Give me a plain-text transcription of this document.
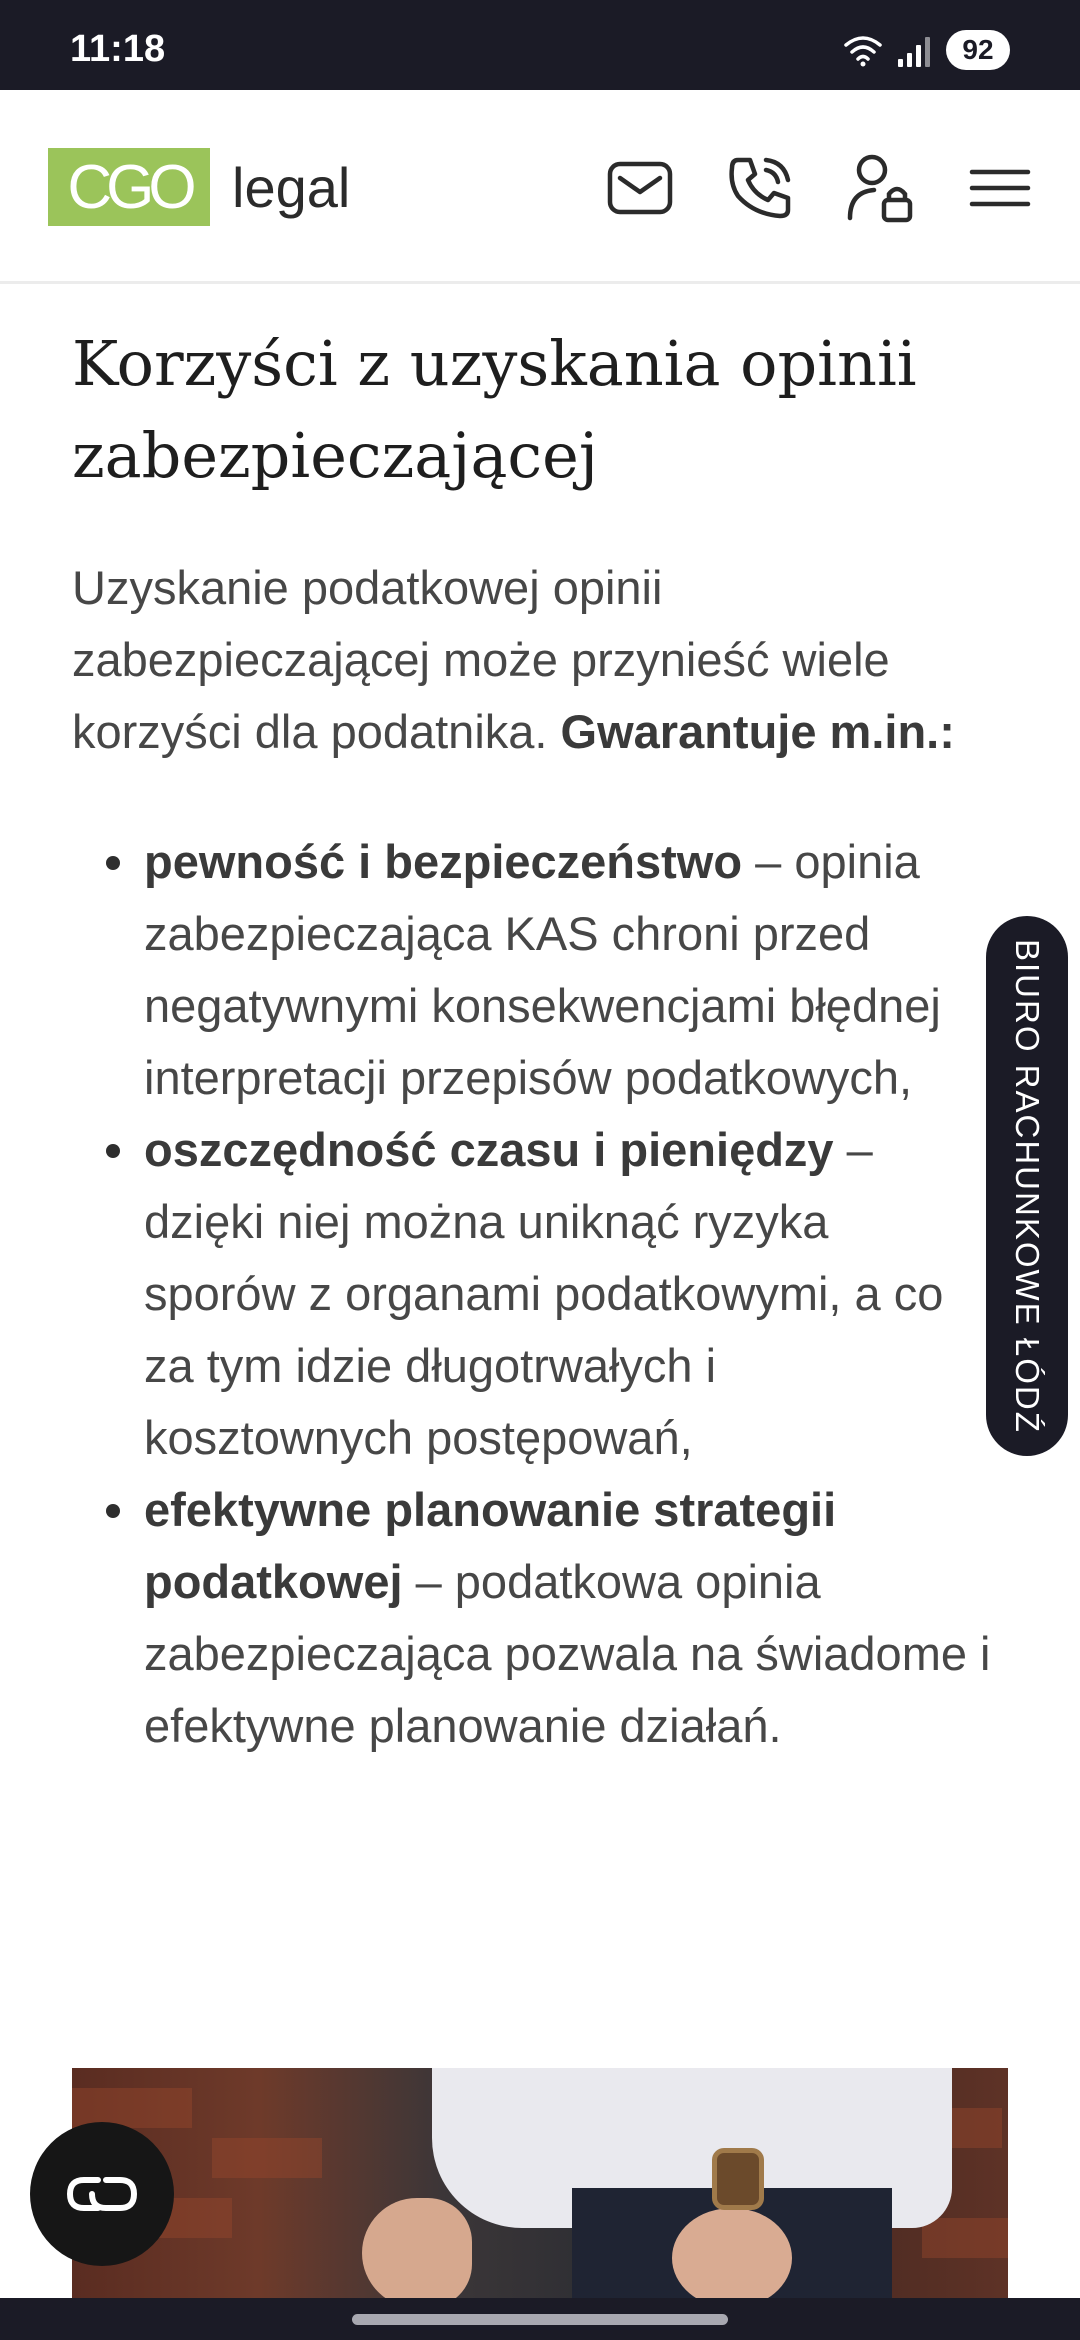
11:18	92
CGO legal
Korzyści z uzyskania opinii zabezpieczającej

Uzyskanie podatkowej opinii zabezpieczającej może przynieść wiele korzyści dla podatnika. Gwarantuje m.in.:

pewność i bezpieczeństwo – opinia zabezpieczająca KAS chroni przed negatywnymi konsekwencjami błędnej interpretacji przepisów podatkowych,
oszczędność czasu i pieniędzy – dzięki niej można uniknąć ryzyka sporów z organami podatkowymi, a co za tym idzie długotrwałych i kosztownych postępowań,
efektywne planowanie strategii podatkowej – podatkowa opinia zabezpieczająca pozwala na świadome i efektywne planowanie działań.
BIURO RACHUNKOWE ŁÓDŹ
